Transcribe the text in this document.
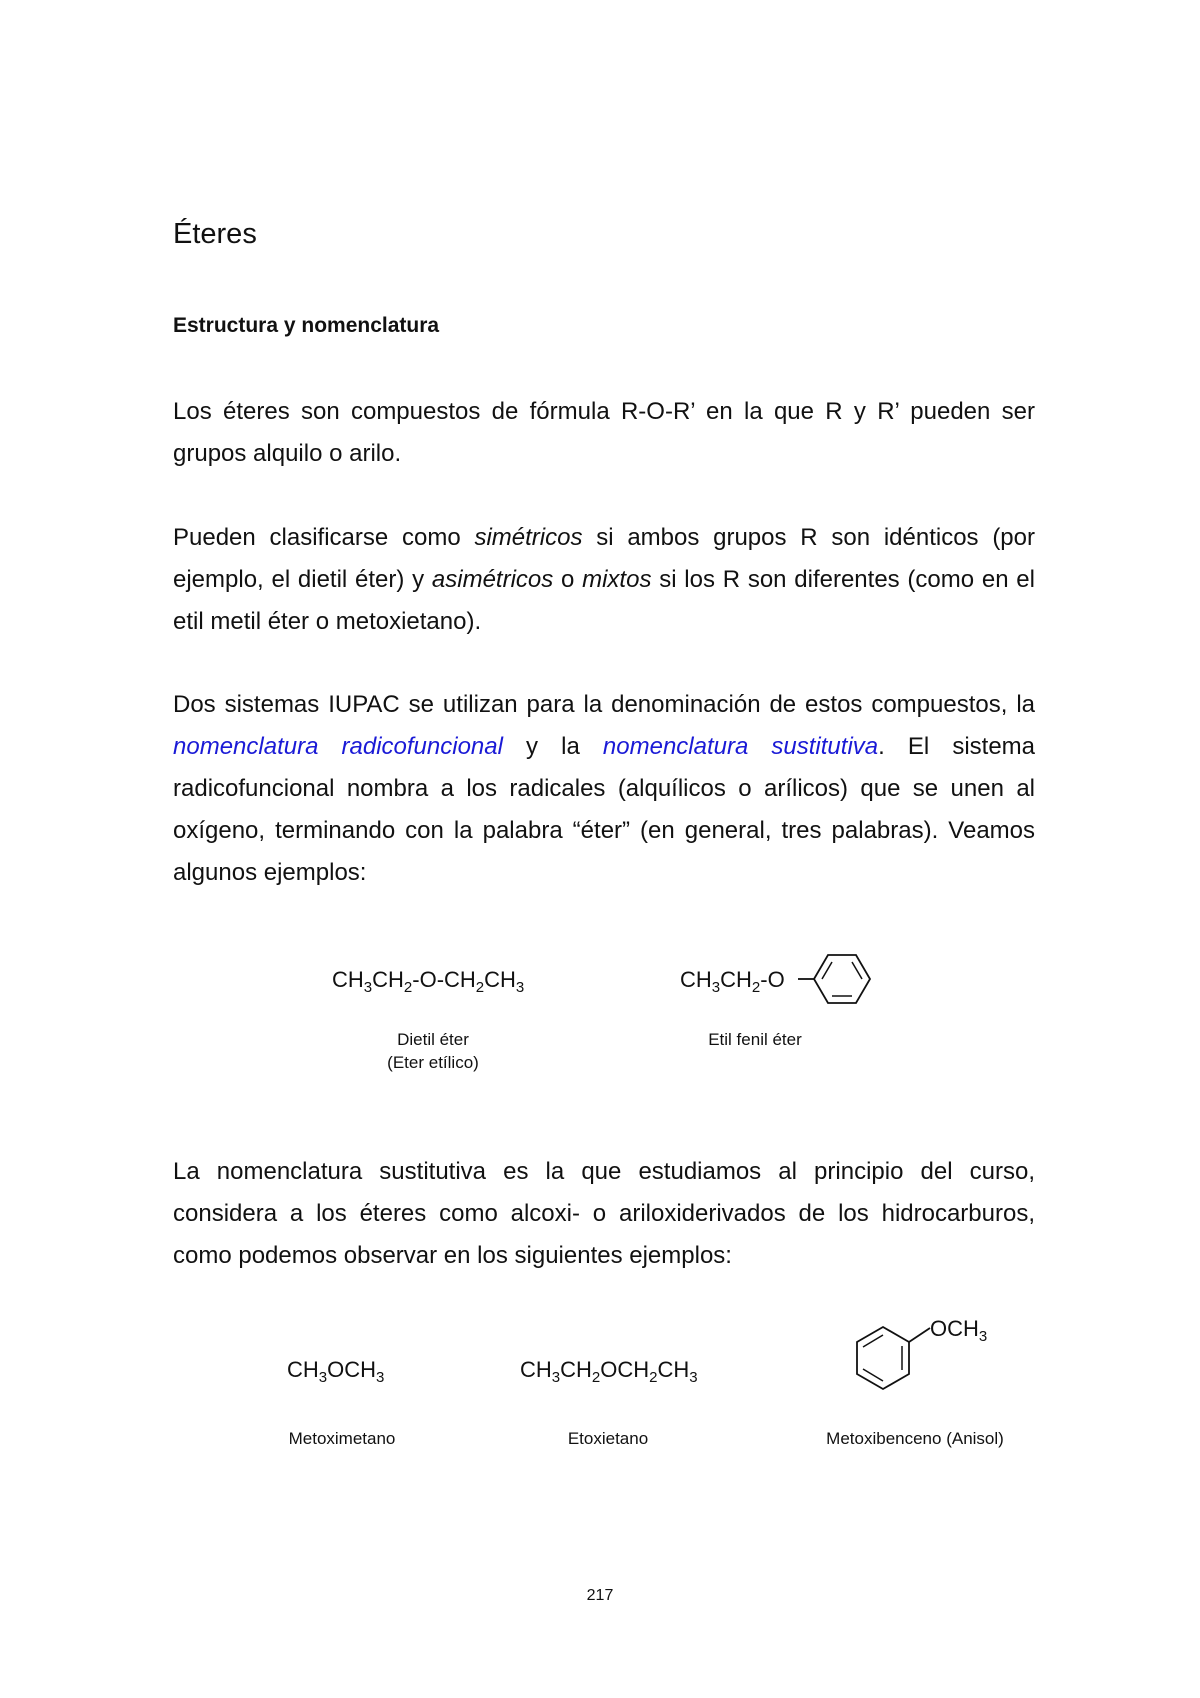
Éteres
Estructura y nomenclatura

Los éteres son compuestos de fórmula R-O-R’ en la que R y R’ pueden ser grupos alquilo o arilo.

Pueden clasificarse como simétricos si ambos grupos R son idénticos (por ejemplo, el dietil éter) y asimétricos o mixtos si los R son diferentes (como en el etil metil éter o metoxietano).

Dos sistemas IUPAC se utilizan para la denominación de estos compuestos, la nomenclatura radicofuncional y la nomenclatura sustitutiva. El sistema radicofuncional nombra a los radicales (alquílicos o arílicos) que se unen al oxígeno, terminando con la palabra “éter” (en general, tres palabras). Veamos algunos ejemplos:

$CH_3CH_2-O-CH_2CH_3$
Dietil éter
(Eter etílico)
$CH_3CH_2-O$
Etil fenil éter

La nomenclatura sustitutiva es la que estudiamos al principio del curso, considera a los éteres como alcoxi- o ariloxiderivados de los hidrocarburos, como podemos observar en los siguientes ejemplos:

$CH_3OCH_3$
Metoximetano
$CH_3CH_2OCH_2CH_3$
Etoxietano
$OCH_3$
Metoxibenceno (Anisol)
217
